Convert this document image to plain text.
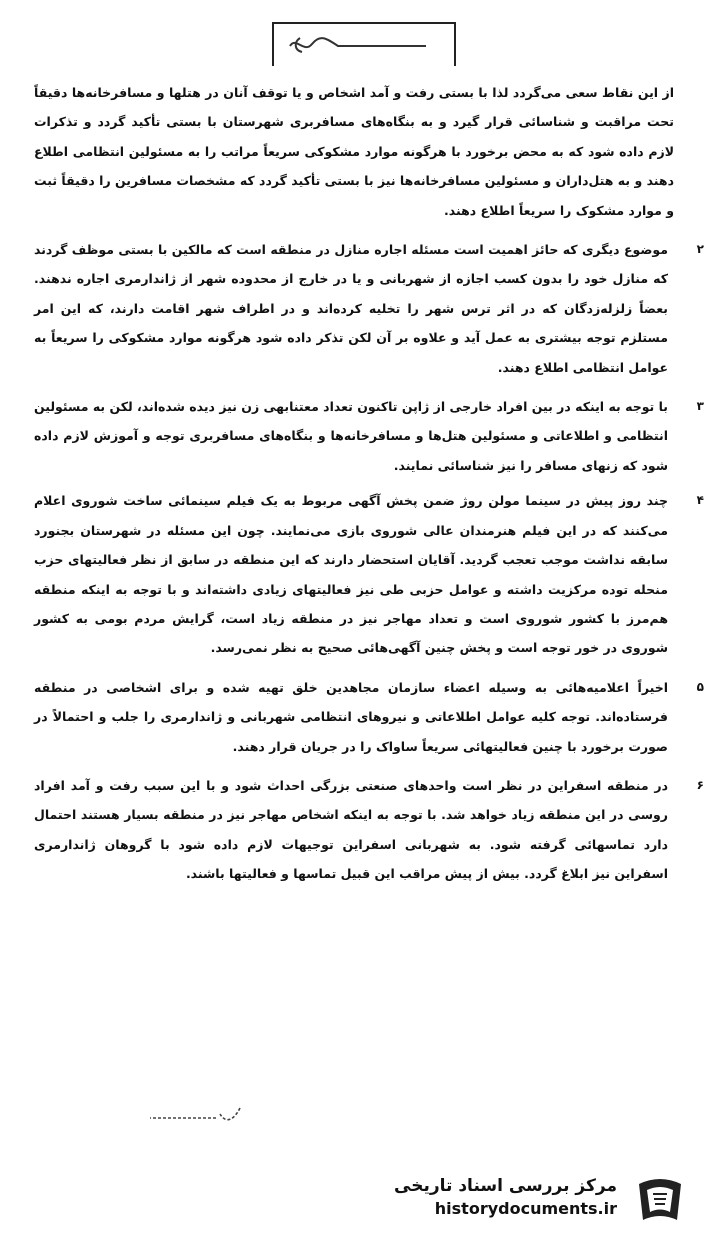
از این نقاط سعی می‌گردد لذا با بستی رفت و آمد اشخاص و یا توقف آنان در هتلها و مسافرخانه‌ها دقیقاً تحت مراقبت و شناسائی قرار گیرد و به بنگاه‌های مسافربری شهرستان با بستی تأکید گردد و تذکرات لازم داده شود که به محض برخورد با هرگونه موارد مشکوکی سریعاً مراتب را به مسئولین انتظامی اطلاع دهند و به هتل‌داران و مسئولین مسافرخانه‌ها نیز با بستی تأکید گردد که مشخصات مسافرین را دقیقاً ثبت و موارد مشکوک را سریعاً اطلاع دهند.

۲
موضوع دیگری که حائز اهمیت است مسئله اجاره منازل در منطقه است که مالکین با بستی موظف گردند که منازل خود را بدون کسب اجازه از شهربانی و یا در خارج از محدوده شهر از ژاندارمری اجاره ندهند. بعضاً زلزله‌زدگان که در اثر ترس شهر را تخلیه کرده‌اند و در اطراف شهر اقامت دارند، که این امر مستلزم توجه بیشتری به عمل آید و علاوه بر آن لکن تذکر داده شود هرگونه موارد مشکوکی را سریعاً به عوامل انتظامی اطلاع دهند.

۳
با توجه به اینکه در بین افراد خارجی از ژاپن تاکنون تعداد معتنابهی زن نیز دیده شده‌اند، لکن به مسئولین انتظامی و اطلاعاتی و مسئولین هتل‌ها و مسافرخانه‌ها و بنگاه‌های مسافربری توجه و آموزش لازم داده شود که زنهای مسافر را نیز شناسائی نمایند.

۴
چند روز پیش در سینما مولن روژ ضمن پخش آگهی مربوط به یک فیلم سینمائی ساخت شوروی اعلام می‌کنند که در این فیلم هنرمندان عالی شوروی بازی می‌نمایند. چون این مسئله در شهرستان بجنورد سابقه نداشت موجب تعجب گردید. آقایان استحضار دارند که این منطقه در سابق از نظر فعالیتهای حزب منحله توده مرکزیت داشته و عوامل حزبی طی نیز فعالیتهای زیادی داشته‌اند و با توجه به اینکه منطقه هم‌مرز با کشور شوروی است و تعداد مهاجر نیز در منطقه زیاد است، گرایش مردم بومی به کشور شوروی در خور توجه است و پخش چنین آگهی‌هائی صحیح به نظر نمی‌رسد.

۵
اخیراً اعلامیه‌هائی به وسیله اعضاء سازمان مجاهدین خلق تهیه شده و برای اشخاصی در منطقه فرستاده‌اند. توجه کلیه عوامل اطلاعاتی و نیروهای انتظامی شهربانی و ژاندارمری را جلب و احتمالاً در صورت برخورد با چنین فعالیتهائی سریعاً ساواک را در جریان قرار دهند.

۶
در منطقه اسفراین در نظر است واحدهای صنعتی بزرگی احداث شود و با این سبب رفت و آمد افراد روسی در این منطقه زیاد خواهد شد. با توجه به اینکه اشخاص مهاجر نیز در منطقه بسیار هستند احتمال دارد تماسهائی گرفته شود. به شهربانی اسفراین توجیهات لازم داده شود با گروهان ژاندارمری اسفراین نیز ابلاغ گردد. بیش از پیش مراقب این قبیل تماسها و فعالیتها باشند.

مرکز بررسی اسناد تاریخی
historydocuments.ir
